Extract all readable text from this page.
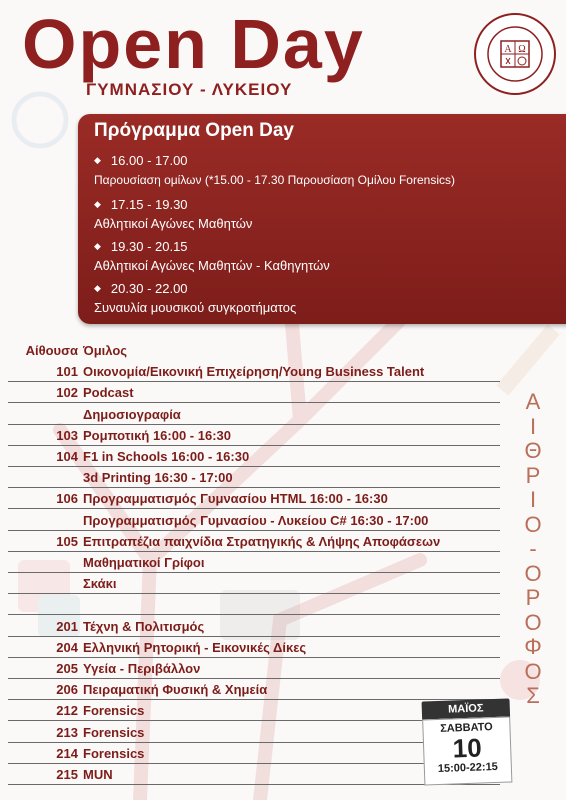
Open Day
ΓΥΜΝΑΣΙΟΥ - ΛΥΚΕΙΟΥ
Α Ω
Πρόγραμμα Open Day
◆ 16.00 - 17.00
Παρουσίαση ομίλων (*15.00 - 17.30 Παρουσίαση Ομίλου Forensics)
◆ 17.15 - 19.30
Αθλητικοί Αγώνες Μαθητών
◆ 19.30 - 20.15
Αθλητικοί Αγώνες Μαθητών - Καθηγητών
◆ 20.30 - 22.00
Συναυλία μουσικού συγκροτήματος
Αίθουσα Όμιλος
101 Οικονομία/Εικονική Επιχείρηση/Young Business Talent
102 Podcast
Δημοσιογραφία
103 Ρομποτική 16:00 - 16:30
104 F1 in Schools 16:00 - 16:30
3d Printing 16:30 - 17:00
106 Προγραμματισμός Γυμνασίου HTML 16:00 - 16:30
Προγραμματισμός Γυμνασίου - Λυκείου C# 16:30 - 17:00
105 Επιτραπέζια παιχνίδια Στρατηγικής & Λήψης Αποφάσεων
Μαθηματικοί Γρίφοι
Σκάκι
201 Τέχνη & Πολιτισμός
204 Ελληνική Ρητορική - Εικονικές Δίκες
205 Υγεία - Περιβάλλον
206 Πειραματική Φυσική & Χημεία
212 Forensics
213 Forensics
214 Forensics
215 MUN
Α
Ι
Θ
Ρ
Ι
Ο
-
Ο
Ρ
Ο
Φ
Ο
Σ
ΜΑΪΟΣ
ΣΑΒΒΑΤΟ
10
15:00-22:15
